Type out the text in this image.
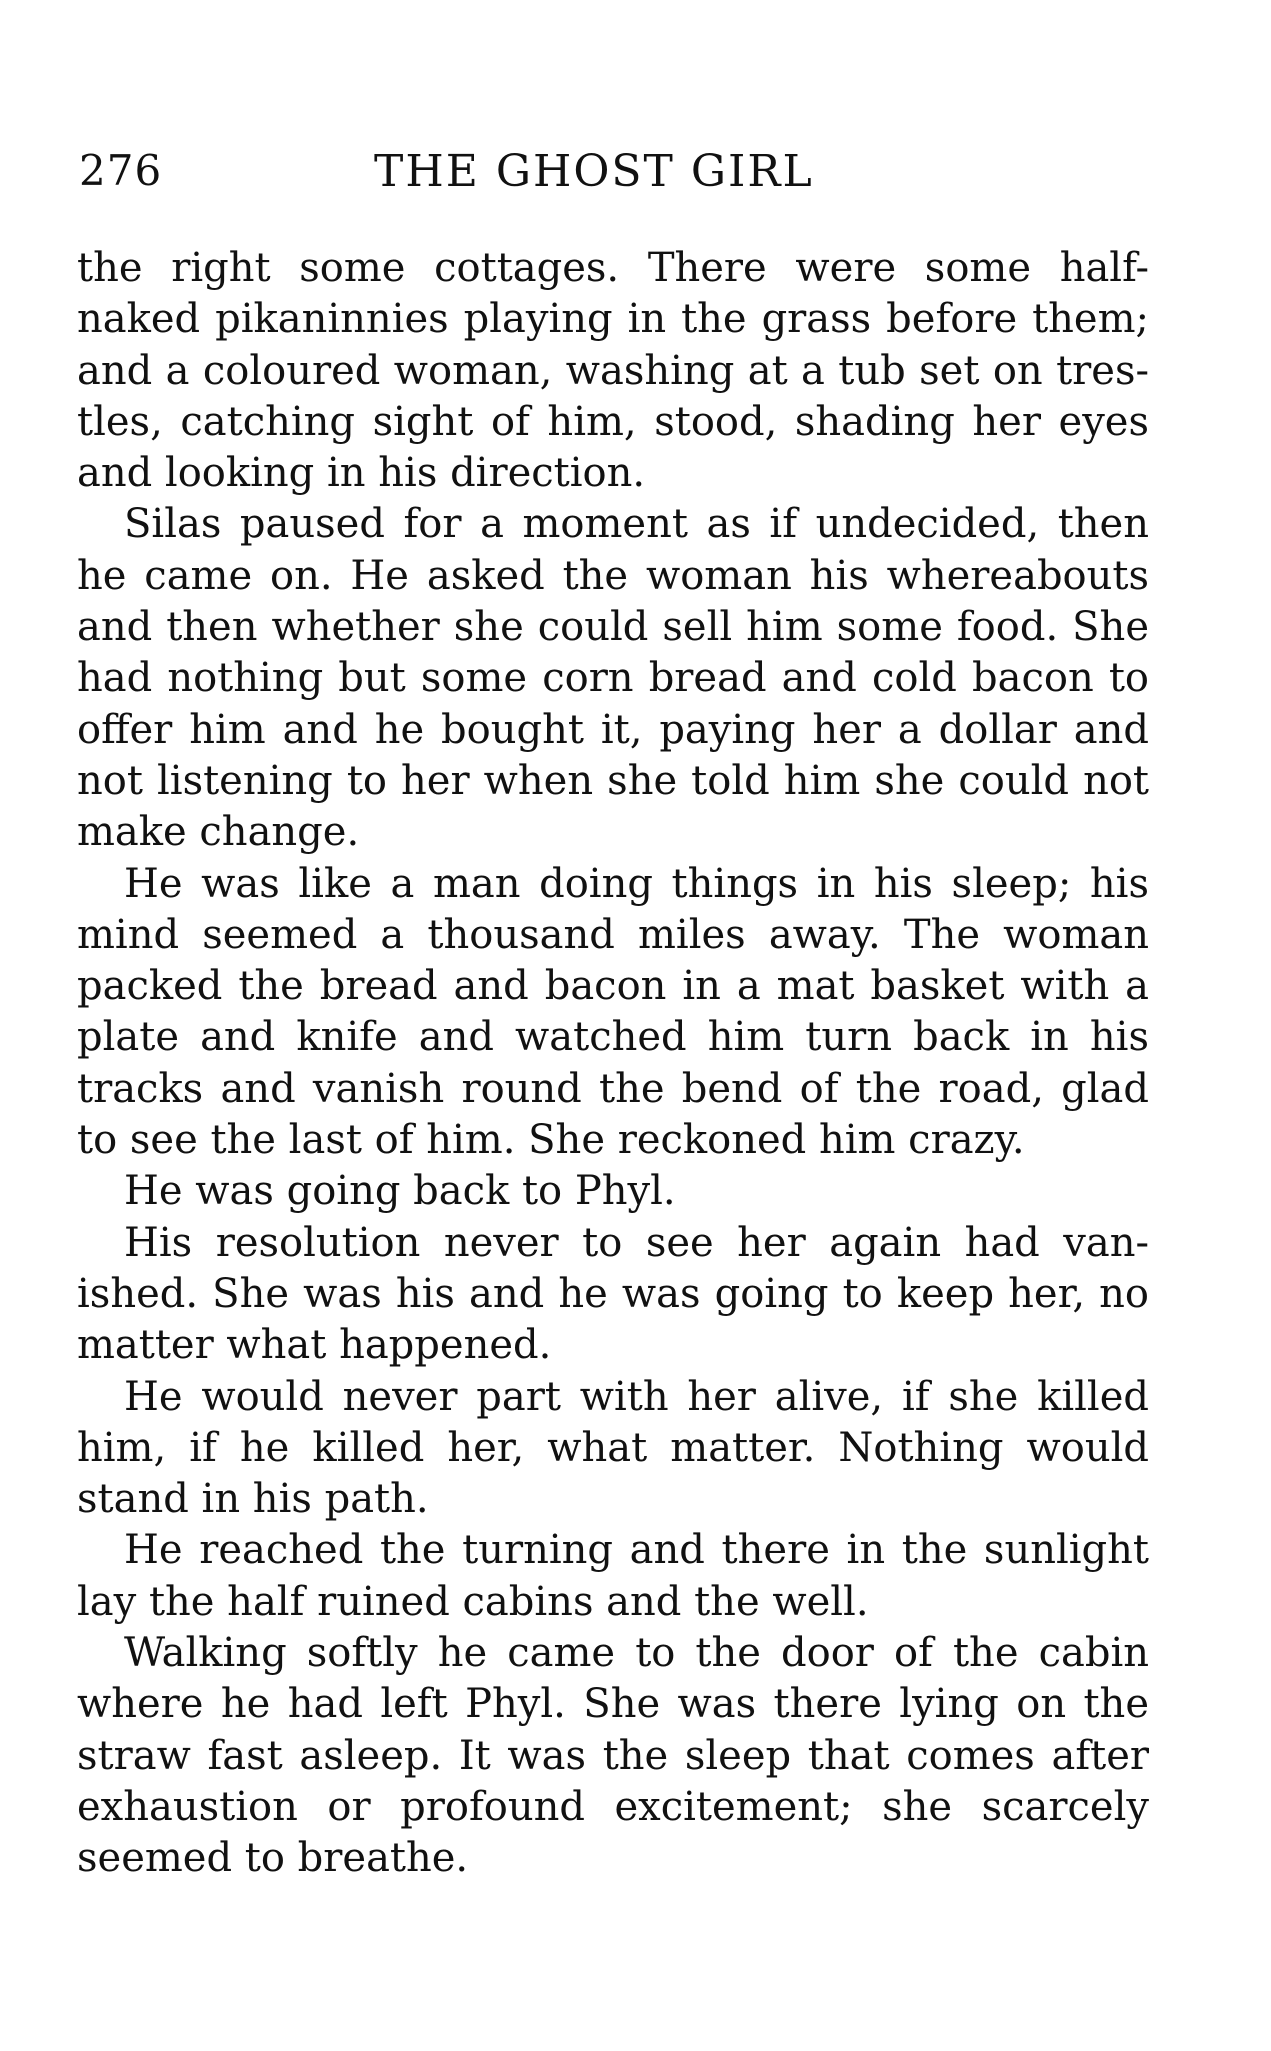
276	THE GHOST GIRL

the right some cottages. There were some half-naked pikaninnies playing in the grass before them; and a coloured woman, washing at a tub set on tres-tles, catching sight of him, stood, shading her eyes and looking in his direction.

Silas paused for a moment as if undecided, then he came on. He asked the woman his whereabouts and then whether she could sell him some food. She had nothing but some corn bread and cold bacon to offer him and he bought it, paying her a dollar and not listening to her when she told him she could not make change.

He was like a man doing things in his sleep; his mind seemed a thousand miles away. The woman packed the bread and bacon in a mat basket with a plate and knife and watched him turn back in his tracks and vanish round the bend of the road, glad to see the last of him. She reckoned him crazy.

He was going back to Phyl.

His resolution never to see her again had van-ished. She was his and he was going to keep her, no matter what happened.

He would never part with her alive, if she killed him, if he killed her, what matter. Nothing would stand in his path.

He reached the turning and there in the sunlight lay the half ruined cabins and the well.

Walking softly he came to the door of the cabin where he had left Phyl. She was there lying on the straw fast asleep. It was the sleep that comes after exhaustion or profound excitement; she scarcely seemed to breathe.
